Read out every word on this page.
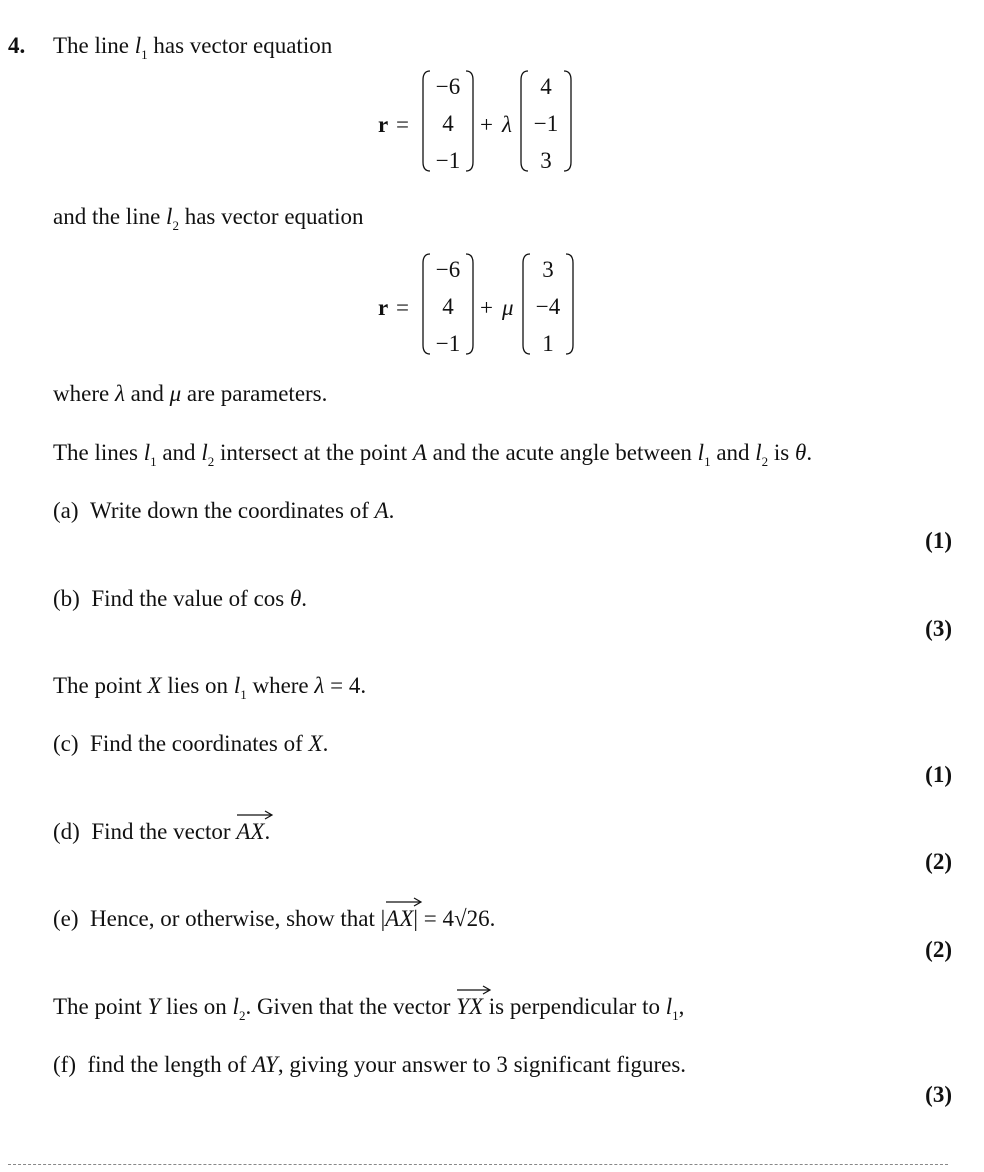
4. The line $l_1$ has vector equation
r =
−6
4
−1
+ λ
4
−1
3
and the line $l_2$ has vector equation
r =
−6
4
−1
+ μ
3
−4
1
where λ and μ are parameters.
The lines $l_1$ and $l_2$ intersect at the point A and the acute angle between $l_1$ and $l_2$ is θ.
(a) Write down the coordinates of A.
(1)
(b) Find the value of cos θ.
(3)
The point X lies on $l_1$ where λ = 4.
(c) Find the coordinates of X.
(1)
(d) Find the vector AX
.
(2)
(e) Hence, or otherwise, show that |AX
| = 4√26.
(2)
The point Y lies on $l_2$. Given that the vector YX
is perpendicular to $l_1$,
(f) find the length of AY, giving your answer to 3 significant figures.
(3)
